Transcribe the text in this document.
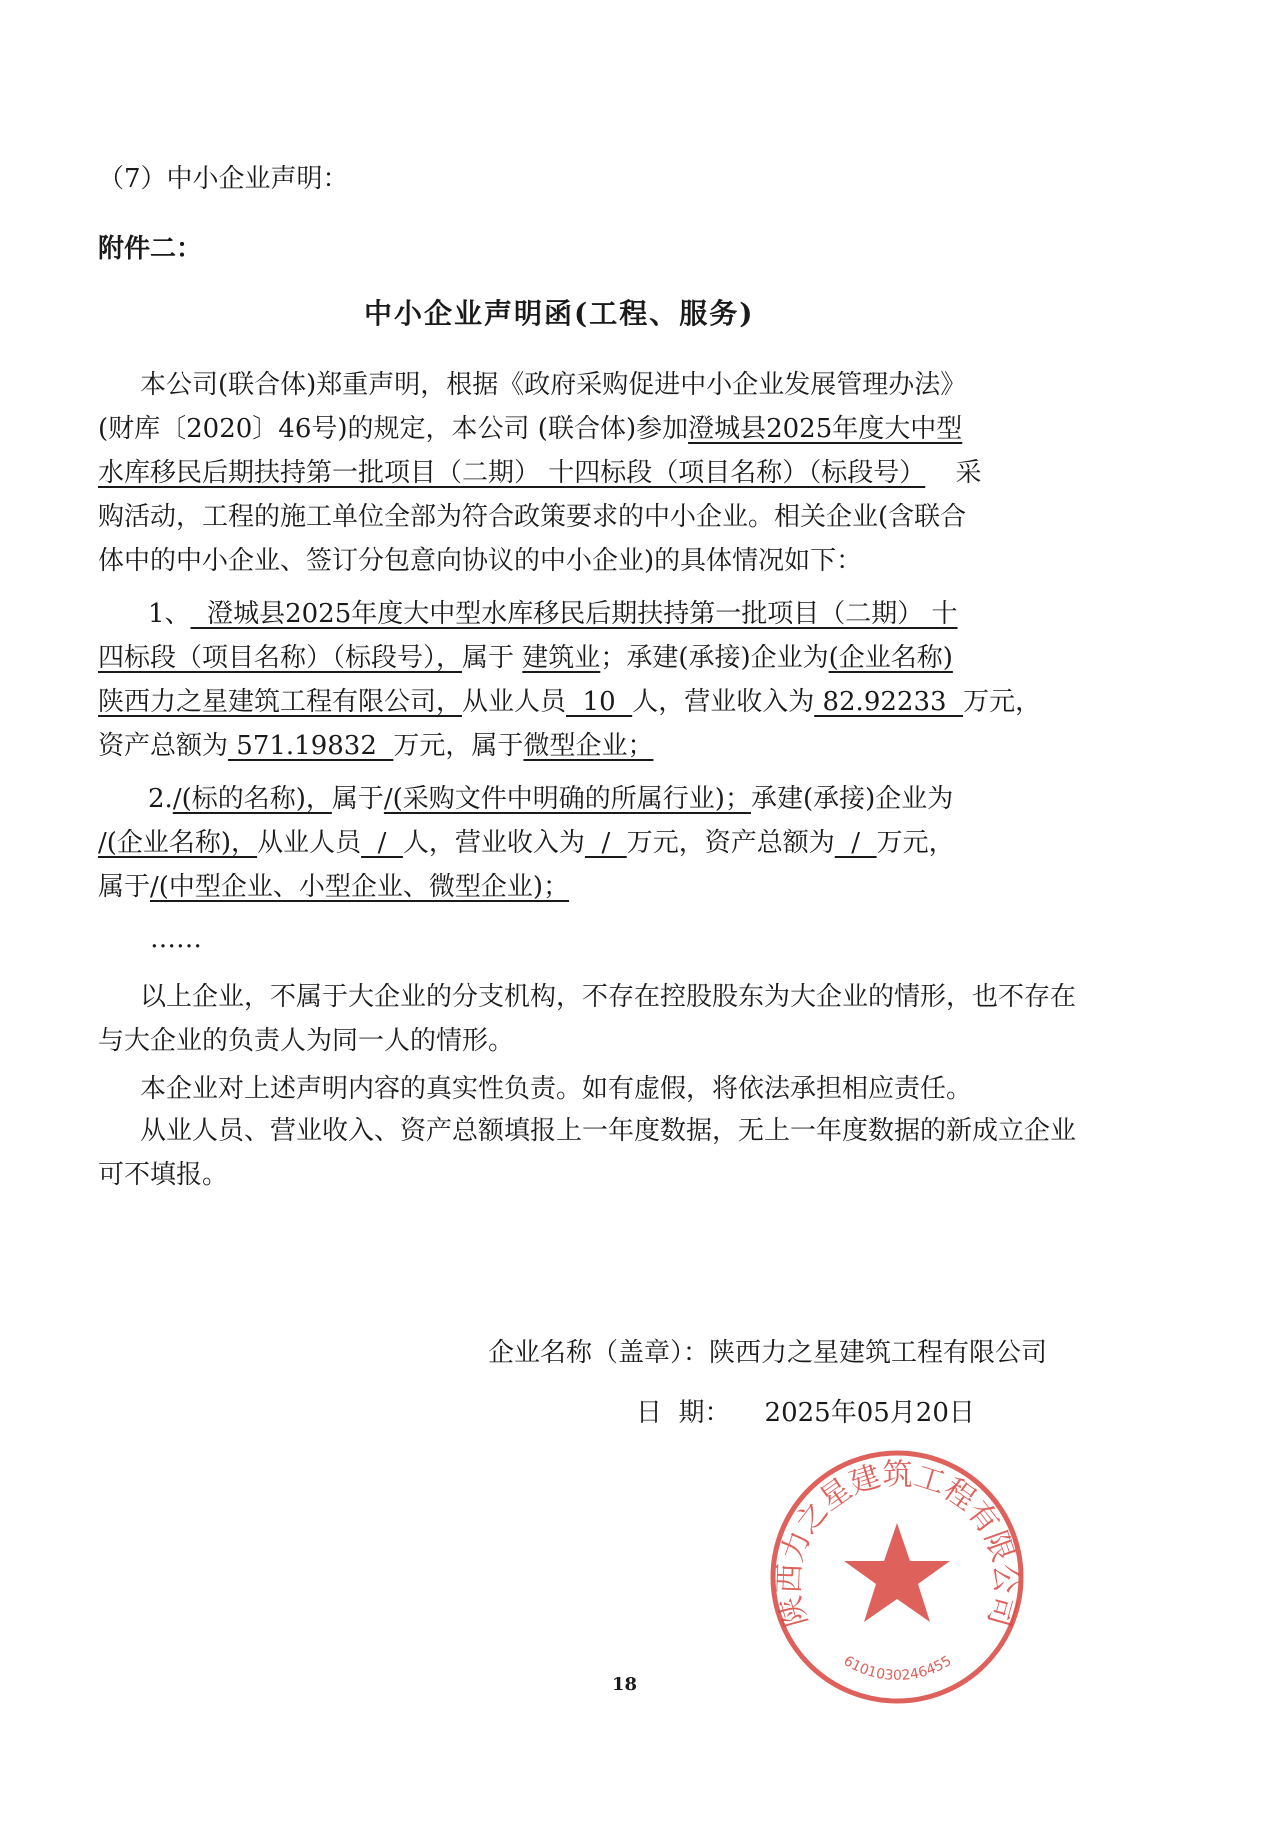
（7）中小企业声明：
附件二：
中小企业声明函(工程、服务)
本公司(联合体)郑重声明，根据《政府采购促进中小企业发展管理办法》
(财库〔2020〕46号)的规定，本公司 (联合体)参加澄城县2025年度大中型
水库移民后期扶持第一批项目（二期） 十四标段（项目名称）（标段号） 采
购活动，工程的施工单位全部为符合政策要求的中小企业。相关企业(含联合
体中的中小企业、签订分包意向协议的中小企业)的具体情况如下：
1、  澄城县2025年度大中型水库移民后期扶持第一批项目（二期） 十
四标段（项目名称）（标段号），属于 建筑业；承建(承接)企业为(企业名称)
陕西力之星建筑工程有限公司，从业人员  10  人，营业收入为 82.92233  万元，
资产总额为 571.19832  万元，属于微型企业；
2./(标的名称)，属于/(采购文件中明确的所属行业)；承建(承接)企业为
/(企业名称)，从业人员  /  人，营业收入为  /  万元，资产总额为  /  万元，
属于/(中型企业、小型企业、微型企业)；
……
以上企业，不属于大企业的分支机构，不存在控股股东为大企业的情形，也不存在
与大企业的负责人为同一人的情形。
本企业对上述声明内容的真实性负责。如有虚假，将依法承担相应责任。
从业人员、营业收入、资产总额填报上一年度数据，无上一年度数据的新成立企业
可不填报。
陕西力之星建筑工程有限公司
6101030246455
企业名称（盖章）：陕西力之星建筑工程有限公司
日  期： 2025年05月20日
18
